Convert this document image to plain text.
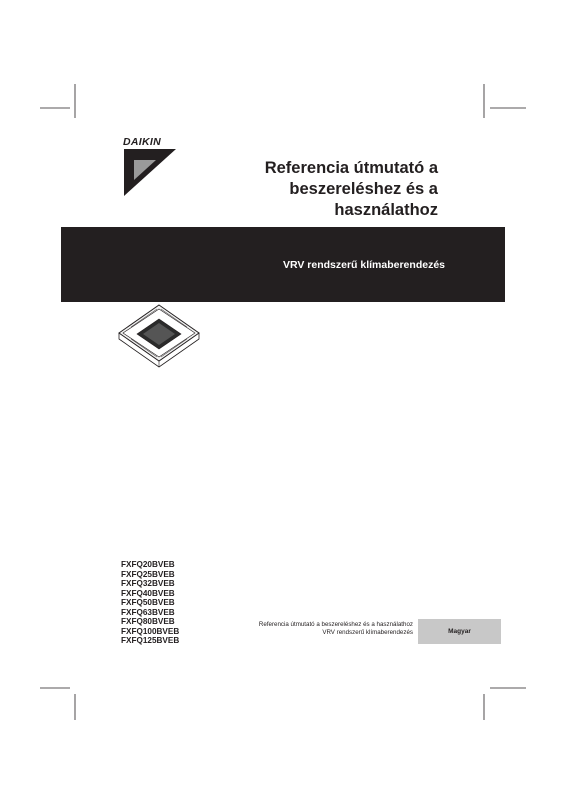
DAIKIN
Referencia útmutató a
beszereléshez és a
használathoz
VRV rendszerű klímaberendezés
FXFQ20BVEB
FXFQ25BVEB
FXFQ32BVEB
FXFQ40BVEB
FXFQ50BVEB
FXFQ63BVEB
FXFQ80BVEB
FXFQ100BVEB
FXFQ125BVEB
Referencia útmutató a beszereléshez és a használathoz
VRV rendszerű klímaberendezés	Magyar
